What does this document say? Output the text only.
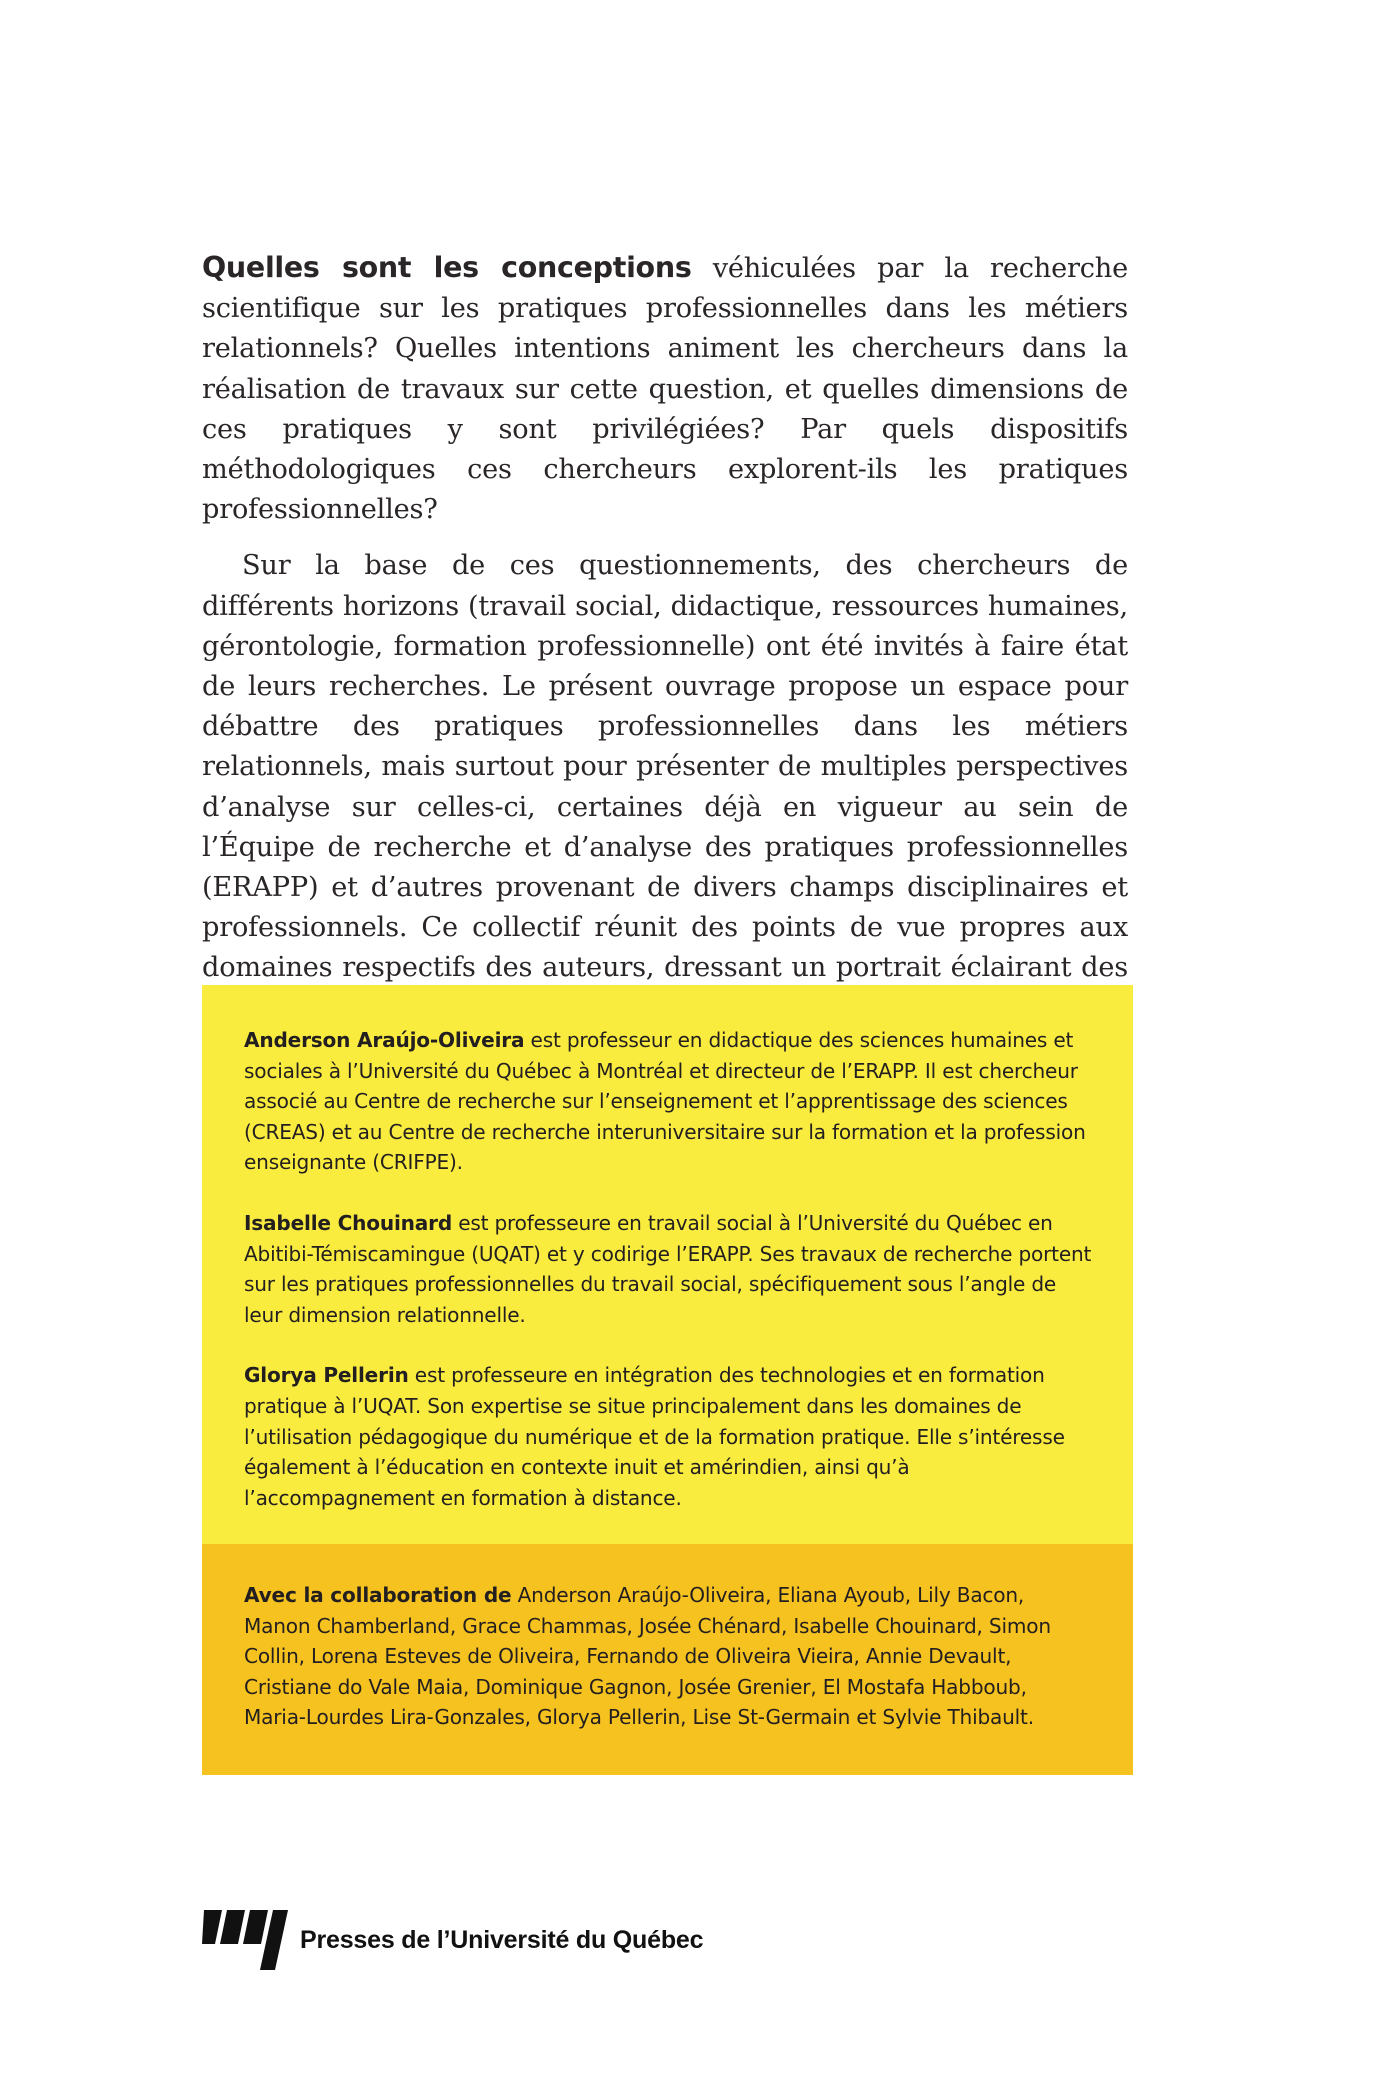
Quelles sont les conceptions véhiculées par la recherche scientifique sur les pratiques professionnelles dans les métiers relationnels? Quelles intentions animent les chercheurs dans la réalisation de travaux sur cette question, et quelles dimensions de ces pratiques y sont privilégiées? Par quels dispositifs méthodologiques ces chercheurs explorent-ils les pratiques professionnelles?

Sur la base de ces questionnements, des chercheurs de différents horizons (travail social, didactique, ressources humaines, gérontologie, formation professionnelle) ont été invités à faire état de leurs recherches. Le présent ouvrage propose un espace pour débattre des pratiques professionnelles dans les métiers relationnels, mais surtout pour présenter de multiples perspectives d’analyse sur celles-ci, certaines déjà en vigueur au sein de l’Équipe de recherche et d’analyse des pratiques professionnelles (ERAPP) et d’autres provenant de divers champs disciplinaires et professionnels. Ce collectif réunit des points de vue propres aux domaines respectifs des auteurs, dressant un portrait éclairant des

Anderson Araújo-Oliveira est professeur en didactique des sciences humaines et sociales à l’Université du Québec à Montréal et directeur de l’ERAPP. Il est chercheur associé au Centre de recherche sur l’enseignement et l’apprentissage des sciences (CREAS) et au Centre de recherche interuniversitaire sur la formation et la profession enseignante (CRIFPE).

Isabelle Chouinard est professeure en travail social à l’Université du Québec en Abitibi-Témiscamingue (UQAT) et y codirige l’ERAPP. Ses travaux de recherche portent sur les pratiques professionnelles du travail social, spécifiquement sous l’angle de leur dimension relationnelle.

Glorya Pellerin est professeure en intégration des technologies et en formation pratique à l’UQAT. Son expertise se situe principalement dans les domaines de l’utilisation pédagogique du numérique et de la formation pratique. Elle s’intéresse également à l’éducation en contexte inuit et amérindien, ainsi qu’à l’accompagnement en formation à distance.

Avec la collaboration de Anderson Araújo-Oliveira, Eliana Ayoub, Lily Bacon, Manon Chamberland, Grace Chammas, Josée Chénard, Isabelle Chouinard, Simon Collin, Lorena Esteves de Oliveira, Fernando de Oliveira Vieira, Annie Devault, Cristiane do Vale Maia, Dominique Gagnon, Josée Grenier, El Mostafa Habboub, Maria-Lourdes Lira-Gonzales, Glorya Pellerin, Lise St-Germain et Sylvie Thibault.

Presses de l’Université du Québec
